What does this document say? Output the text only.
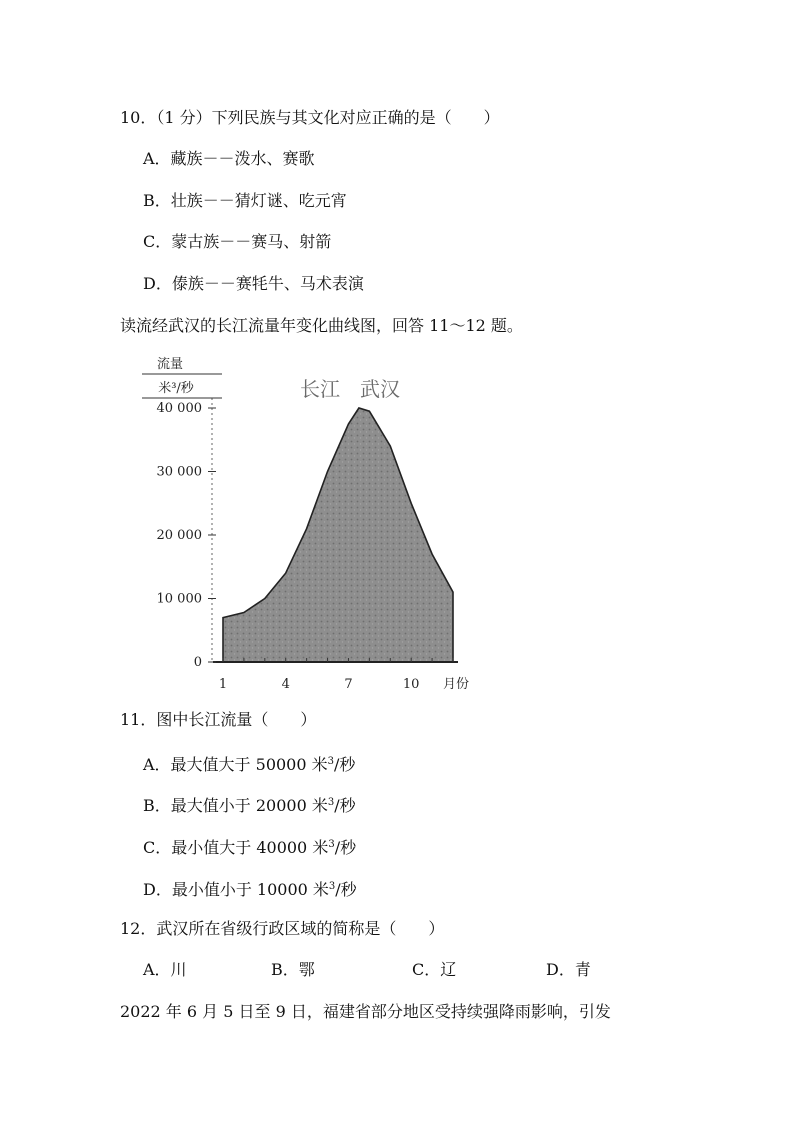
10．（1 分）下列民族与其文化对应正确的是（　　）
A．藏族－－泼水、赛歌
B．壮族－－猜灯谜、吃元宵
C．蒙古族－－赛马、射箭
D．傣族－－赛牦牛、马术表演
读流经武汉的长江流量年变化曲线图，回答 11～12 题。
0
10 000
20 000
30 000
40 000
1	4	7	10 月份
流量
米³/秒	长江　武汉
11．图中长江流量（　　）
A．最大值大于 50000 米$^3$/秒
B．最大值小于 20000 米$^3$/秒
C．最小值大于 40000 米$^3$/秒
D．最小值小于 10000 米$^3$/秒
12．武汉所在省级行政区域的简称是（　　）
A．川	B．鄂	C．辽	D．青
2022 年 6 月 5 日至 9 日，福建省部分地区受持续强降雨影响，引发
